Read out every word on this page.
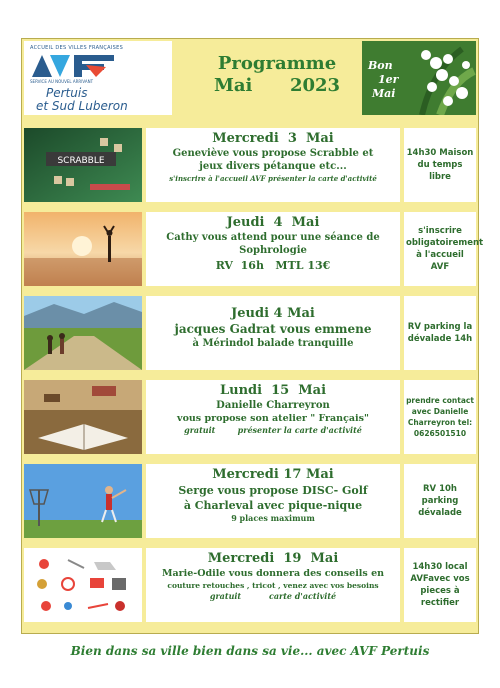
ACCUEIL DES VILLES FRANÇAISES
SERVICE AU NOUVEL ARRIVANT
Pertuis
et Sud Luberon
Programme
Mai      2023
Bon
1er
Mai
SCRABBLE
Mercredi  3  Mai
Geneviève vous propose Scrabble et
jeux divers pétanque etc...
s'inscrire à l'accueil AVF présenter la carte d'activité
14h30 Maison du temps libre
Jeudi  4  Mai
Cathy vous attend pour une séance de
Sophrologie
RV  16h   MTL 13€
s'inscrire obligatoirement à l'accueil AVF
Jeudi 4 Mai
jacques Gadrat vous emmene
à Mérindol balade tranquille
RV parking la dévalade 14h
Lundi  15  Mai
Danielle Charreyron
vous propose son atelier " Français"
gratuit        présenter la carte d'activité
prendre contact avec Danielle Charreyron tel: 0626501510
Mercredi 17 Mai
Serge vous propose DISC- Golf
à Charleval avec pique-nique
9 places maximum
RV 10h parking dévalade
Mercredi  19  Mai
Marie-Odile vous donnera des conseils en
couture retouches , tricot , venez avec vos besoins
gratuit          carte d'activité
14h30 local AVFavec vos pieces à rectifier
Bien dans sa ville bien dans sa vie... avec AVF Pertuis
